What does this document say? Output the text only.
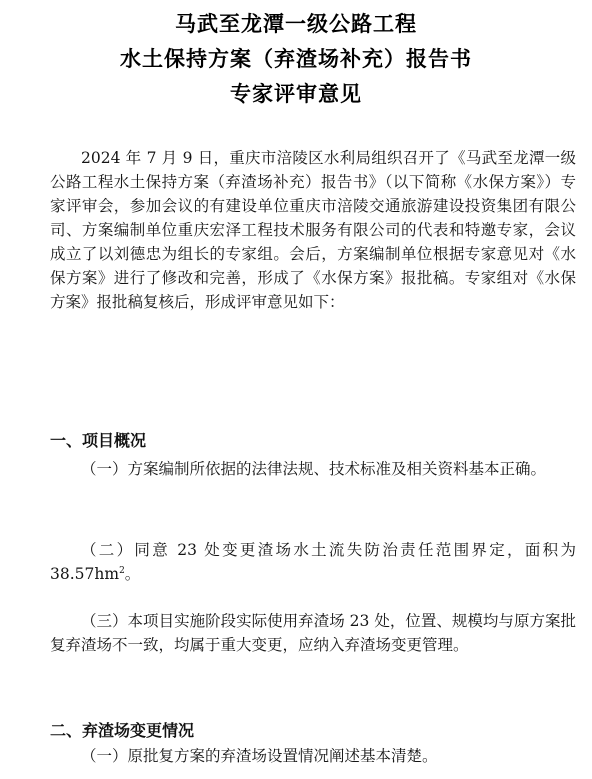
马武至龙潭一级公路工程
水土保持方案（弃渣场补充）报告书
专家评审意见

2024 年 7 月 9 日，重庆市涪陵区水利局组织召开了《马武至龙潭一级公路工程水土保持方案（弃渣场补充）报告书》（以下简称《水保方案》）专家评审会，参加会议的有建设单位重庆市涪陵交通旅游建设投资集团有限公司、方案编制单位重庆宏泽工程技术服务有限公司的代表和特邀专家，会议成立了以刘德忠为组长的专家组。会后，方案编制单位根据专家意见对《水保方案》进行了修改和完善，形成了《水保方案》报批稿。专家组对《水保方案》报批稿复核后，形成评审意见如下：

一、项目概况

（一）方案编制所依据的法律法规、技术标准及相关资料基本正确。

（二）同意 23 处变更渣场水土流失防治责任范围界定，面积为 $38.57hm^2$。

（三）本项目实施阶段实际使用弃渣场 23 处，位置、规模均与原方案批复弃渣场不一致，均属于重大变更，应纳入弃渣场变更管理。

二、弃渣场变更情况

（一）原批复方案的弃渣场设置情况阐述基本清楚。
